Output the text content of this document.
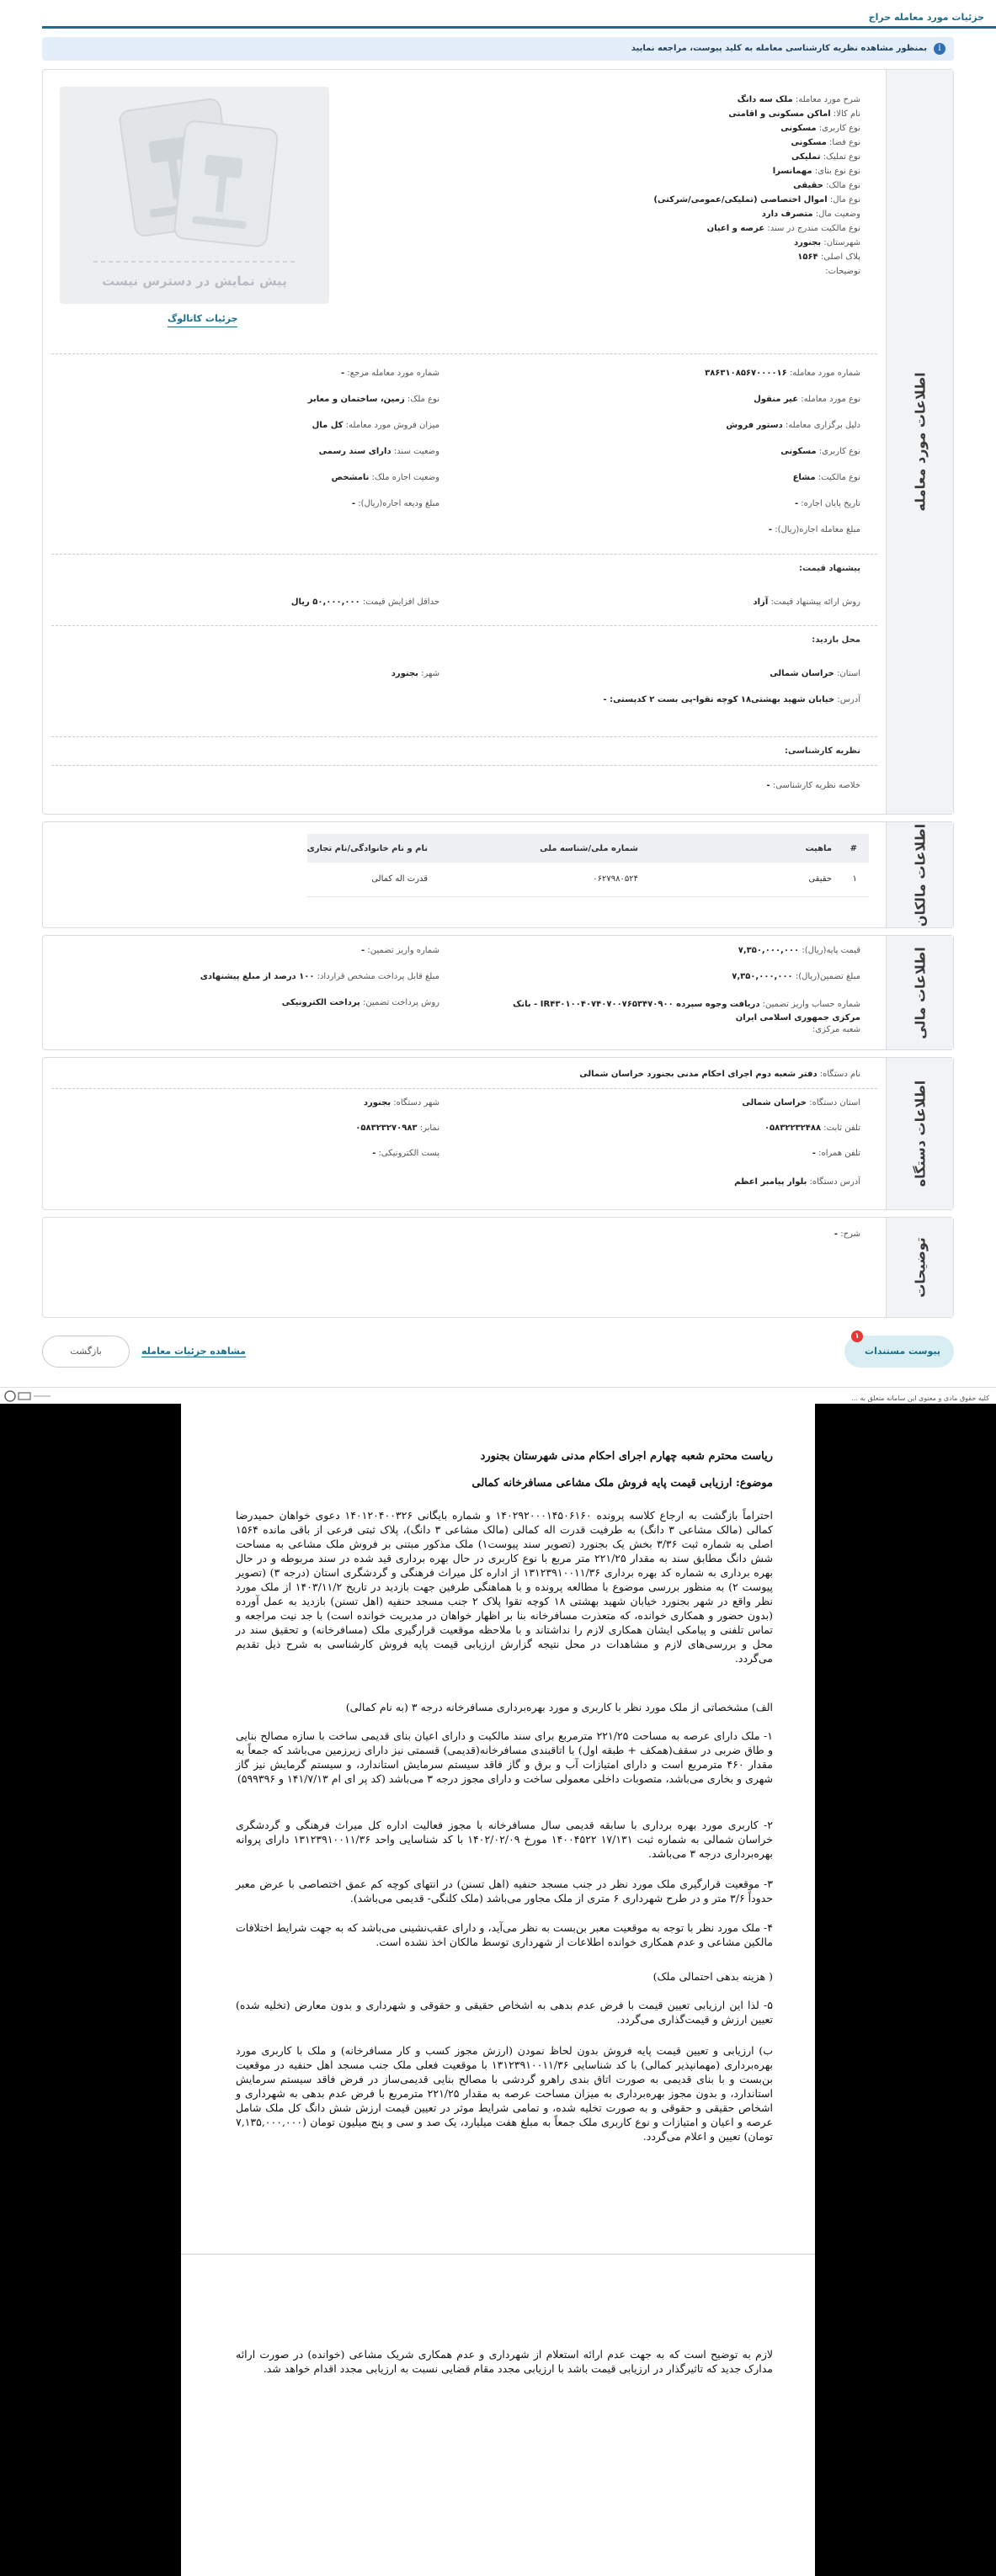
جزئیات مورد معامله حراج
i
بمنظور مشاهده نظریه کارشناسی معامله به کلید پیوست، مراجعه نمایید
اطلاعات مورد معامله
شرح مورد معامله: ملک سه دانگ
نام کالا: اماکن مسکونی و اقامتی
نوع کاربری: مسکونی
نوع فضا: مسکونی
نوع تملیک: تملیکی
نوع نوع بنای: مهمانسرا
نوع مالک: حقیقی
نوع مال: اموال اختصاصی (تملیکی/عمومی/شرکتی)
وضعیت مال: متصرف دارد
نوع مالکیت مندرج در سند: عرصه و اعیان
شهرستان: بجنورد
پلاک اصلی: ۱۵۶۴
توضیحات:
پیش نمایش در دسترس نیست
جزئیات کاتالوگ
شماره مورد معامله: ۳۸۶۳۱۰۸۵۶۷۰۰۰۰۱۶
شماره مورد معامله مرجع: -
نوع مورد معامله: غیر منقول
نوع ملک: زمین، ساختمان و معابر
دلیل برگزاری معامله: دستور فروش
میزان فروش مورد معامله: کل مال
نوع کاربری: مسکونی
وضعیت سند: دارای سند رسمی
نوع مالکیت: مشاع
وضعیت اجاره ملک: نامشخص
تاریخ پایان اجاره: -
مبلغ ودیعه اجاره(ریال): -
مبلغ معامله اجاره(ریال): -
پیشنهاد قیمت:
روش ارائه پیشنهاد قیمت: آزاد
حداقل افزایش قیمت: ۵۰,۰۰۰,۰۰۰ ریال
محل بازدید:
استان: خراسان شمالی
شهر: بجنورد
آدرس: خیابان شهید بهشتی۱۸ کوچه تقوا-پی بست ۲ کدپستی: -
نظریه کارشناسی:
خلاصه نظریه کارشناسی: -
اطلاعات مالکان
#	ماهیت	شماره ملی/شناسه ملی	نام و نام خانوادگی/نام تجاری
۱	حقیقی	۰۶۲۷۹۸۰۵۲۴	قدرت اله کمالی
اطلاعات مالی
قیمت پایه(ریال): ۷,۳۵۰,۰۰۰,۰۰۰
شماره واریز تضمین: -
مبلغ تضمین(ریال): ۷,۳۵۰,۰۰۰,۰۰۰
مبلغ قابل پرداخت مشخص قرارداد: ۱۰۰ درصد از مبلغ پیشنهادی
شماره حساب واریز تضمین: دریافت وجوه سپرده IR۴۳۰۱۰۰۴۰۷۴۰۷۰۰۷۶۵۳۴۷۰۹۰۰ - بانک مرکزی جمهوری اسلامی ایران
روش پرداخت تضمین: پرداخت الکترونیکی
شعبه مرکزی:
اطلاعات دستگاه
نام دستگاه: دفتر شعبه دوم اجرای احکام مدنی بجنورد خراسان شمالی
استان دستگاه: خراسان شمالی
شهر دستگاه: بجنورد
تلفن ثابت: ۰۵۸۳۲۲۳۲۴۸۸
نمابر: ۰۵۸۳۲۳۲۷۰۹۸۳
تلفن همراه: -
پست الکترونیکی: -
آدرس دستگاه: بلوار پیامبر اعظم
توضیحات
شرح: -
۱
پیوست مستندات
مشاهده جزئیات معامله
بازگشت
کلیه حقوق مادی و معنوی این سامانه متعلق به ...
ریاست محترم شعبه چهارم اجرای احکام مدنی شهرستان بجنورد
موضوع: ارزیابی قیمت پایه فروش ملک مشاعی مسافرخانه کمالی
احتراماً بازگشت به ارجاع کلاسه پرونده ۱۴۰۲۹۲۰۰۰۱۴۵۰۶۱۶۰ و شماره بایگانی ۱۴۰۱۲۰۴۰۰۳۲۶ دعوی خواهان حمیدرضا کمالی (مالک مشاعی ۳ دانگ) به طرفیت قدرت اله کمالی (مالک مشاعی ۳ دانگ)، پلاک ثبتی فرعی از باقی مانده ۱۵۶۴ اصلی به شماره ثبت ۳/۳۶ بخش یک بجنورد (تصویر سند پیوست۱) ملک مذکور مبتنی بر فروش ملک مشاعی به مساحت شش دانگ مطابق سند به مقدار ۲۲۱/۲۵ متر مربع با نوع کاربری در حال بهره برداری قید شده در سند مربوطه و در حال بهره برداری به شماره کد بهره برداری ۱۳۱۲۳۹۱۰۰۱۱/۳۶ از اداره کل میراث فرهنگی و گردشگری استان (درجه ۳) (تصویر پیوست ۲) به منظور بررسی موضوع با مطالعه پرونده و با هماهنگی طرفین جهت بازدید در تاریخ ۱۴۰۳/۱۱/۲ از ملک مورد نظر واقع در شهر بجنورد خیابان شهید بهشتی ۱۸ کوچه تقوا پلاک ۲ جنب مسجد حنفیه (اهل تسنن) بازدید به عمل آورده (بدون حضور و همکاری خوانده، که متعذرت مسافرخانه بنا بر اظهار خواهان در مدیریت خوانده است) با جد نیت مراجعه و تماس تلفنی و پیامکی ایشان همکاری لازم را نداشتاند و با ملاحظه موقعیت قرارگیری ملک (مسافرخانه) و تحقیق سند در محل و بررسی‌های لازم و مشاهدات در محل نتیجه گزارش ارزیابی قیمت پایه فروش کارشناسی به شرح ذیل تقدیم می‌گردد.
الف) مشخصاتی از ملک مورد نظر با کاربری و مورد بهره‌برداری مسافرخانه درجه ۳ (به نام کمالی)
۱- ملک دارای عرصه به مساحت ۲۲۱/۲۵ مترمربع برای سند مالکیت و دارای اعیان بنای قدیمی ساخت با سازه مصالح بنایی و طاق ضربی در سقف(همکف + طبقه اول) با اتاقبندی مسافرخانه(قدیمی) قسمتی نیز دارای زیرزمین می‌باشد که جمعاً به مقدار ۴۶۰ مترمربع است و دارای امتیازات آب و برق و گاز فاقد سیستم سرمایش استاندارد، و سیستم گرمایش نیز گاز شهری و بخاری می‌باشد، متصوبات داخلی معمولی ساخت و دارای مجوز درجه ۳ می‌باشد (کد پر ای ام ۱۴۱/۷/۱۳ و ۵۹۹۳۹۶)
۲- کاربری مورد بهره برداری با سابقه قدیمی سال مسافرخانه با مجوز فعالیت اداره کل میراث فرهنگی و گردشگری خراسان شمالی به شماره ثبت ۱۷/۱۳۱ ۱۴۰۰۴۵۲۲ مورخ ۱۴۰۲/۰۲/۰۹ با کد شناسایی واحد ۱۳۱۲۳۹۱۰۰۱۱/۳۶ دارای پروانه بهره‌برداری درجه ۳ می‌باشد.
۳- موقعیت قرارگیری ملک مورد نظر در جنب مسجد حنفیه (اهل تسنن) در انتهای کوچه کم عمق اختصاصی با عرض معبر حدوداً ۳/۶ متر و در طرح شهرداری ۶ متری از ملک مجاور می‌باشد (ملک کلنگی- قدیمی می‌باشد).
۴- ملک مورد نظر با توجه به موقعیت معبر بن‌بست به نظر می‌آید، و دارای عقب‌نشینی می‌باشد که به جهت شرایط اختلافات مالکین مشاعی و عدم همکاری خوانده اطلاعات از شهرداری توسط مالکان اخذ نشده است.
( هزینه بدهی احتمالی ملک)
۵- لذا این ارزیابی تعیین قیمت با فرض عدم بدهی به اشخاص حقیقی و حقوقی و شهرداری و بدون معارض (تخلیه شده) تعیین ارزش و قیمت‌گذاری می‌گردد.
ب) ارزیابی و تعیین قیمت پایه فروش بدون لحاظ نمودن (ارزش مجوز کسب و کار مسافرخانه) و ملک با کاربری مورد بهره‌برداری (مهمانپذیر کمالی) با کد شناسایی ۱۳۱۲۳۹۱۰۰۱۱/۳۶ با موقعیت فعلی ملک جنب مسجد اهل حنفیه در موقعیت بن‌بست و با بنای قدیمی به صورت اتاق بندی راهرو گردشی با مصالح بنایی قدیمی‌ساز در فرض فاقد سیستم سرمایش استاندارد، و بدون مجوز بهره‌برداری به میزان مساحت عرصه به مقدار ۲۲۱/۲۵ مترمربع با فرض عدم بدهی به شهرداری و اشخاص حقیقی و حقوقی و به صورت تخلیه شده، و تمامی شرایط موثر در تعیین قیمت ارزش شش دانگ کل ملک شامل عرصه و اعیان و امتیازات و نوع کاربری ملک جمعاً به مبلغ هفت میلیارد، یک صد و سی و پنج میلیون تومان (۷,۱۳۵,۰۰۰,۰۰۰ تومان) تعیین و اعلام می‌گردد.
لازم به توضیح است که به جهت عدم ارائه استعلام از شهرداری و عدم همکاری شریک مشاعی (خوانده) در صورت ارائه مدارک جدید که تاثیرگذار در ارزیابی قیمت باشد با ارزیابی مجدد مقام قضایی نسبت به ارزیابی مجدد اقدام خواهد شد.
